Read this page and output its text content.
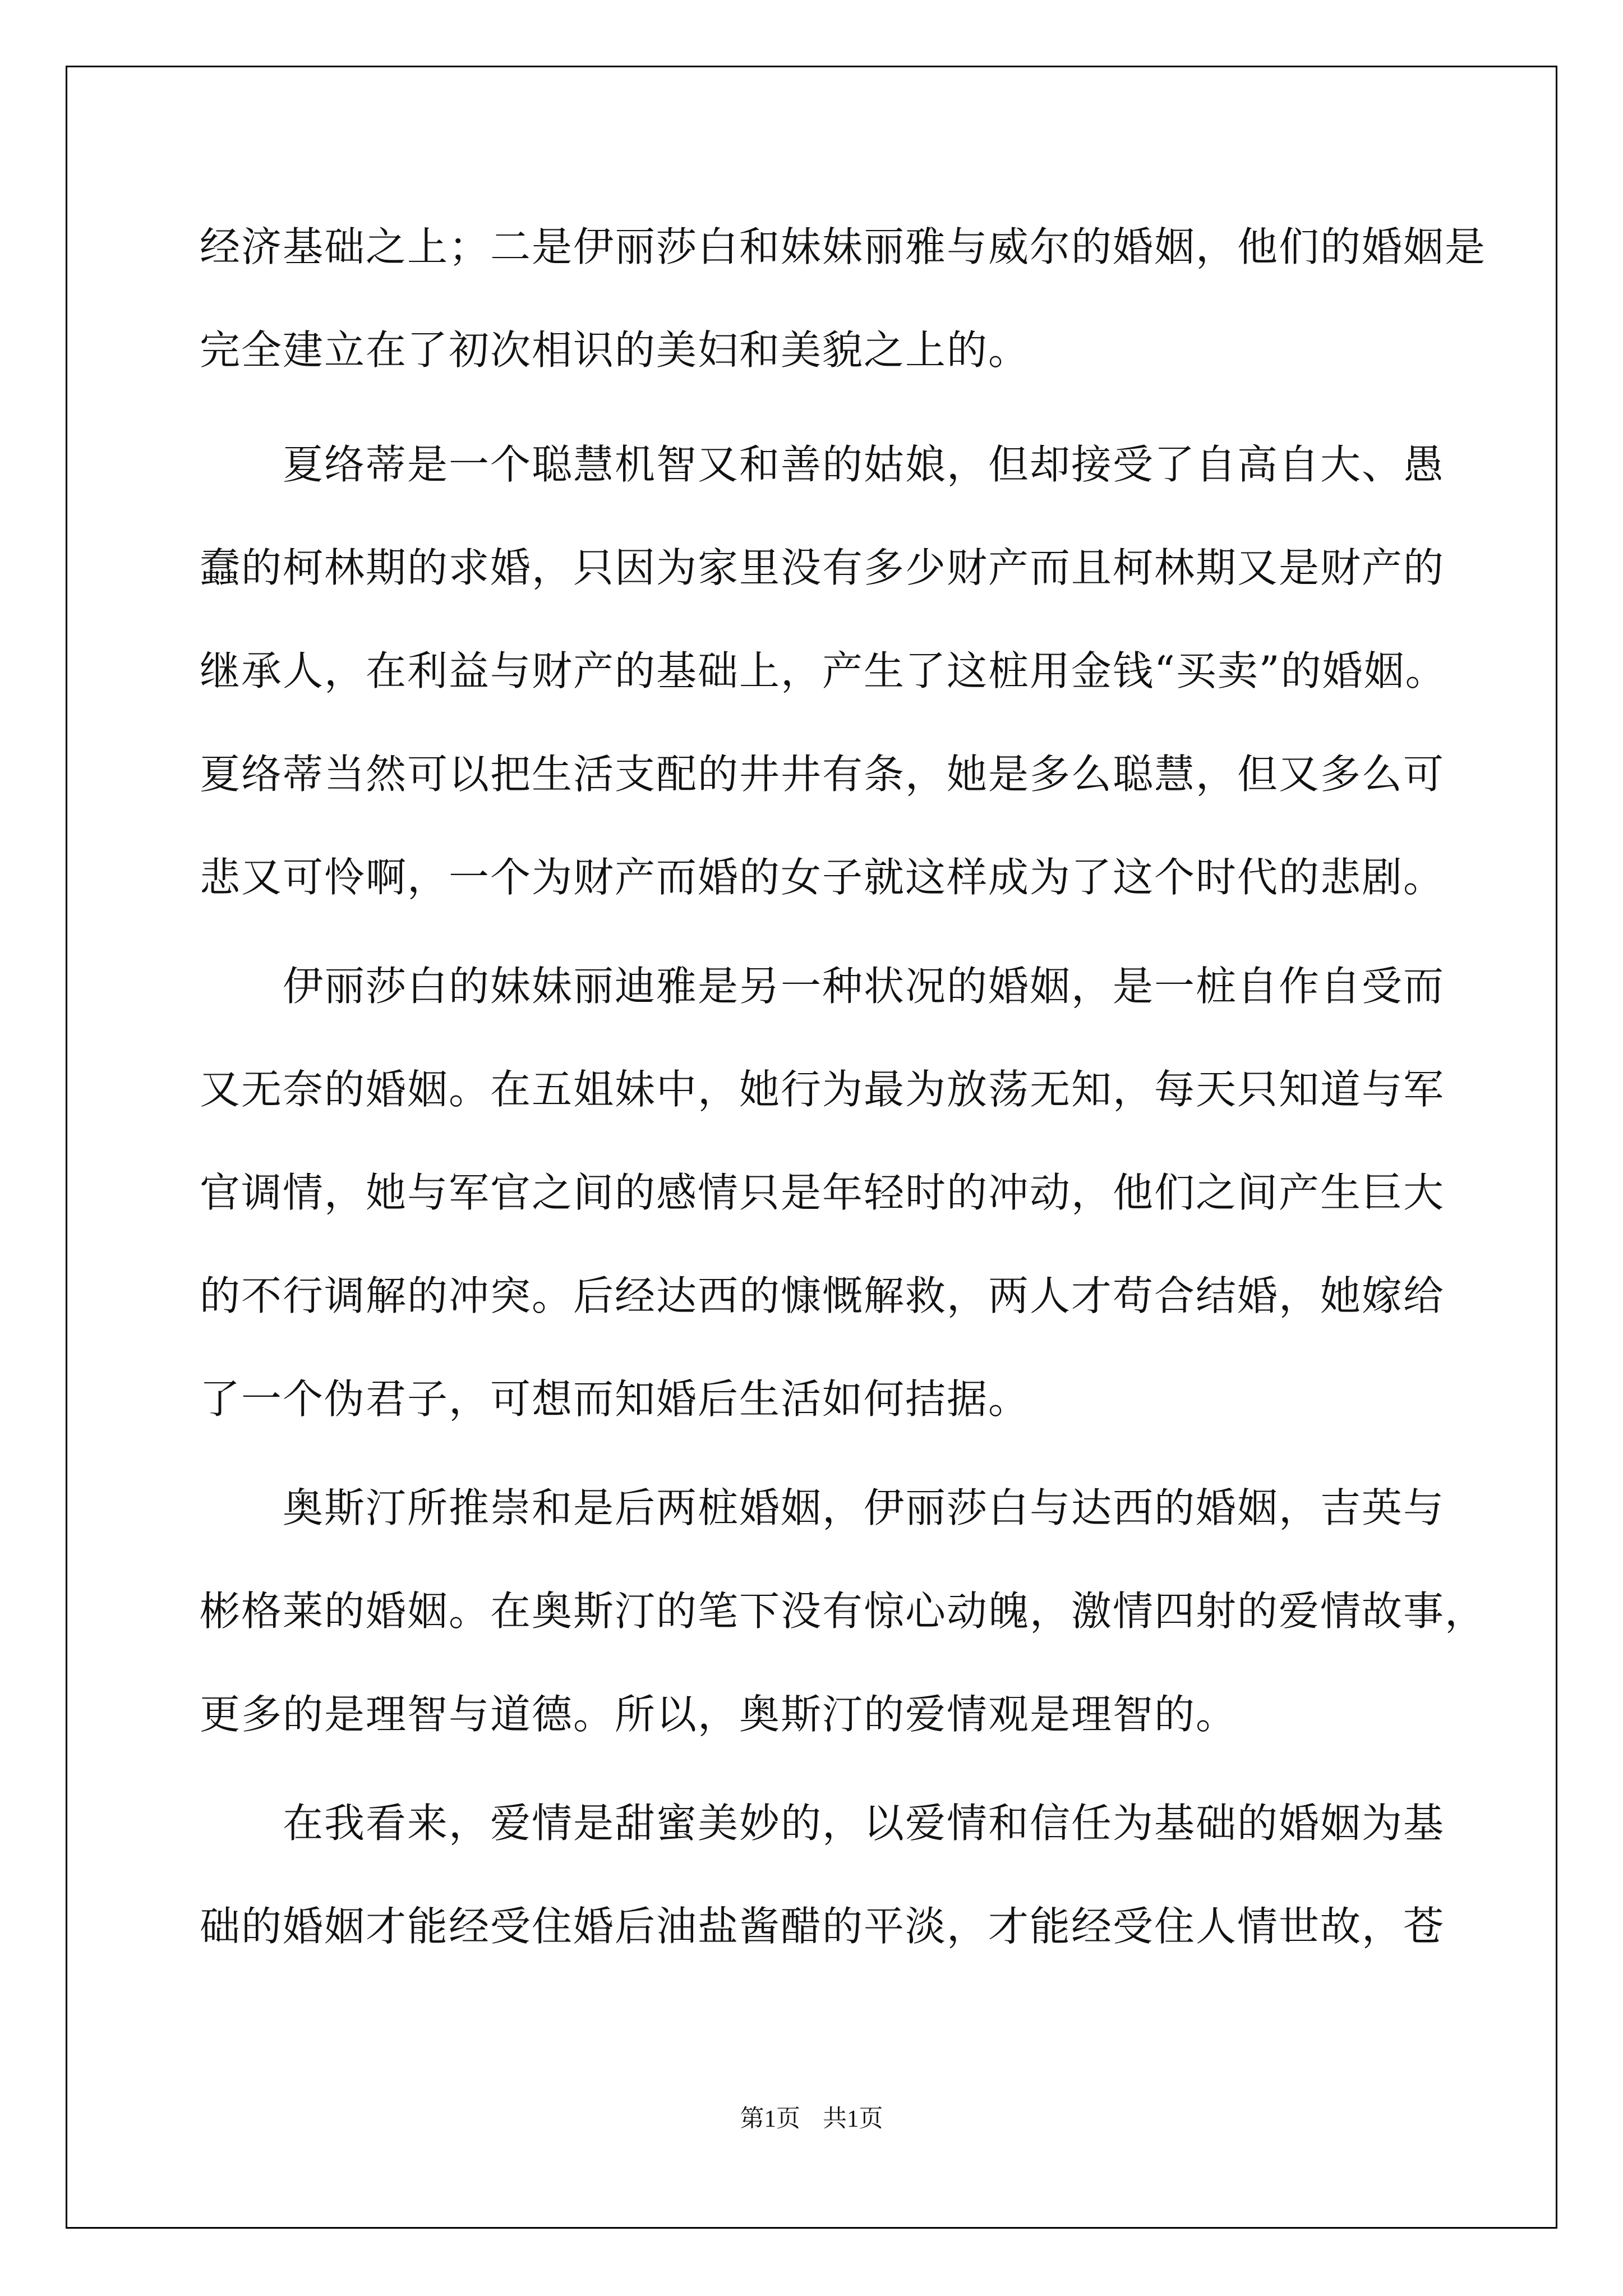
经济基础之上；二是伊丽莎白和妹妹丽雅与威尔的婚姻，他们的婚姻是
完全建立在了初次相识的美妇和美貌之上的。
夏络蒂是一个聪慧机智又和善的姑娘，但却接受了自高自大、愚
蠢的柯林期的求婚，只因为家里没有多少财产而且柯林期又是财产的
继承人，在利益与财产的基础上，产生了这桩用金钱“买卖”的婚姻。
夏络蒂当然可以把生活支配的井井有条，她是多么聪慧，但又多么可
悲又可怜啊，一个为财产而婚的女子就这样成为了这个时代的悲剧。
伊丽莎白的妹妹丽迪雅是另一种状况的婚姻，是一桩自作自受而
又无奈的婚姻。在五姐妹中，她行为最为放荡无知，每天只知道与军
官调情，她与军官之间的感情只是年轻时的冲动，他们之间产生巨大
的不行调解的冲突。后经达西的慷慨解救，两人才苟合结婚，她嫁给
了一个伪君子，可想而知婚后生活如何拮据。
奥斯汀所推崇和是后两桩婚姻，伊丽莎白与达西的婚姻，吉英与
彬格莱的婚姻。在奥斯汀的笔下没有惊心动魄，激情四射的爱情故事，
更多的是理智与道德。所以，奥斯汀的爱情观是理智的。
在我看来，爱情是甜蜜美妙的，以爱情和信任为基础的婚姻为基
础的婚姻才能经受住婚后油盐酱醋的平淡，才能经受住人情世故，苍
第1页 共1页
